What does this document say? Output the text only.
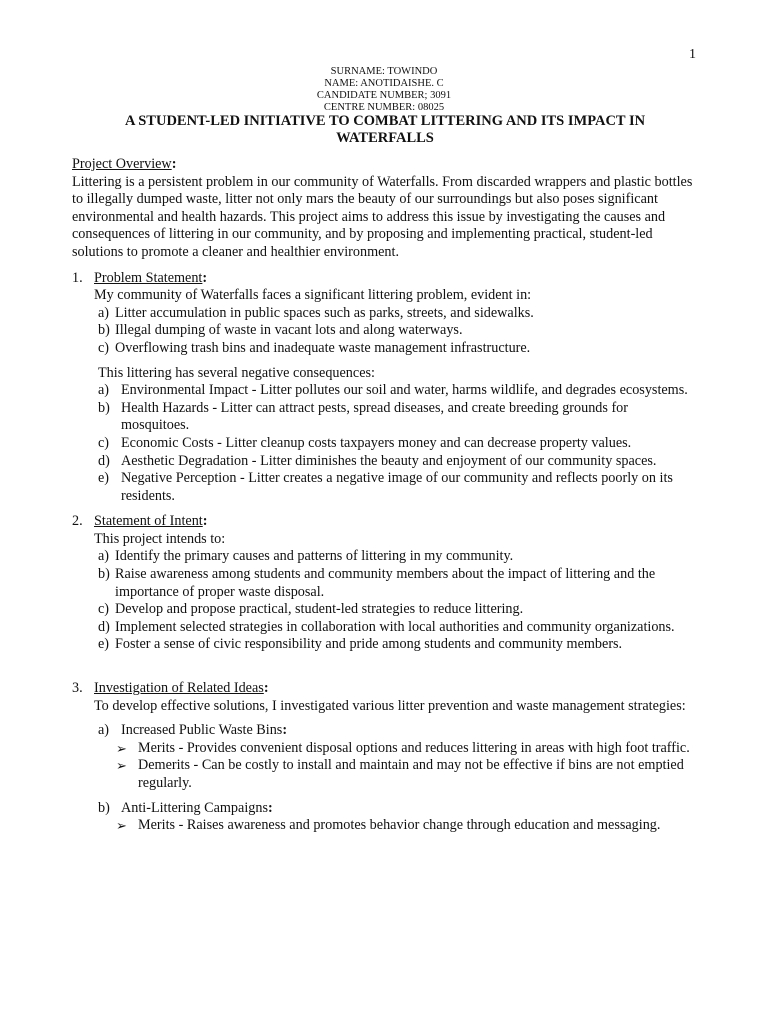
1
SURNAME: TOWINDO
NAME: ANOTIDAISHE. C
CANDIDATE NUMBER; 3091
CENTRE NUMBER: 08025
A STUDENT-LED INITIATIVE TO COMBAT LITTERING AND ITS IMPACT IN WATERFALLS

Project Overview:

Littering is a persistent problem in our community of Waterfalls. From discarded wrappers and plastic bottles to illegally dumped waste, litter not only mars the beauty of our surroundings but also poses significant environmental and health hazards. This project aims to address this issue by investigating the causes and consequences of littering in our community, and by proposing and implementing practical, student-led solutions to promote a cleaner and healthier environment.

1. Problem Statement:

My community of Waterfalls faces a significant littering problem, evident in:

a) Litter accumulation in public spaces such as parks, streets, and sidewalks.
b) Illegal dumping of waste in vacant lots and along waterways.
c) Overflowing trash bins and inadequate waste management infrastructure.

This littering has several negative consequences:

a) Environmental Impact - Litter pollutes our soil and water, harms wildlife, and degrades ecosystems.
b) Health Hazards - Litter can attract pests, spread diseases, and create breeding grounds for mosquitoes.
c) Economic Costs - Litter cleanup costs taxpayers money and can decrease property values.
d) Aesthetic Degradation - Litter diminishes the beauty and enjoyment of our community spaces.
e) Negative Perception - Litter creates a negative image of our community and reflects poorly on its residents.
2. Statement of Intent:

This project intends to:

a) Identify the primary causes and patterns of littering in my community.
b) Raise awareness among students and community members about the impact of littering and the importance of proper waste disposal.
c) Develop and propose practical, student-led strategies to reduce littering.
d) Implement selected strategies in collaboration with local authorities and community organizations.
e) Foster a sense of civic responsibility and pride among students and community members.
3. Investigation of Related Ideas:

To develop effective solutions, I investigated various litter prevention and waste management strategies:

a) Increased Public Waste Bins:
➢ Merits - Provides convenient disposal options and reduces littering in areas with high foot traffic.
➢ Demerits - Can be costly to install and maintain and may not be effective if bins are not emptied regularly.
b) Anti-Littering Campaigns:
➢ Merits - Raises awareness and promotes behavior change through education and messaging.
